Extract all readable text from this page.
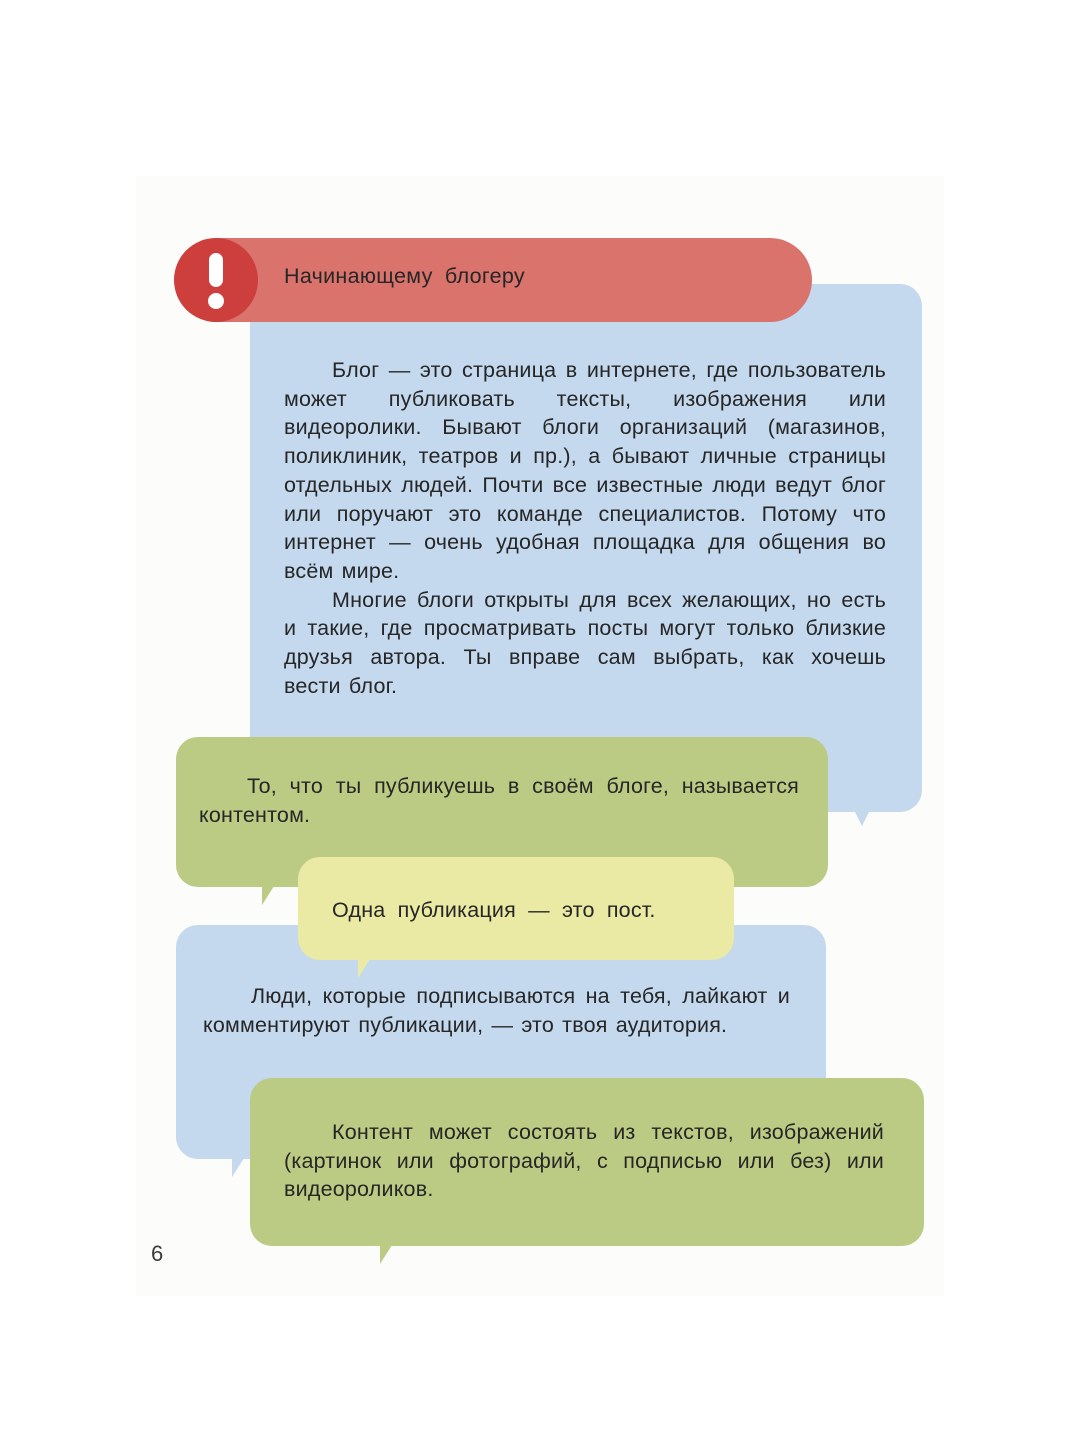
Начинающему блогеру

Блог — это страница в интернете, где пользователь может публиковать тексты, изображения или видеоролики. Бывают блоги организаций (магазинов, поликлиник, театров и пр.), а бывают личные страницы отдельных людей. Почти все известные люди ведут блог или поручают это команде специалистов. Потому что интернет — очень удобная площадка для общения во всём мире.

Многие блоги открыты для всех желающих, но есть и такие, где просматривать посты могут только близкие друзья автора. Ты вправе сам выбрать, как хочешь вести блог.

То, что ты публикуешь в своём блоге, называется контентом.

Одна публикация — это пост.

Люди, которые подписываются на тебя, лайкают и комментируют публикации, — это твоя аудитория.

Контент может состоять из текстов, изображений (картинок или фотографий, с подписью или без) или видеороликов.

6
